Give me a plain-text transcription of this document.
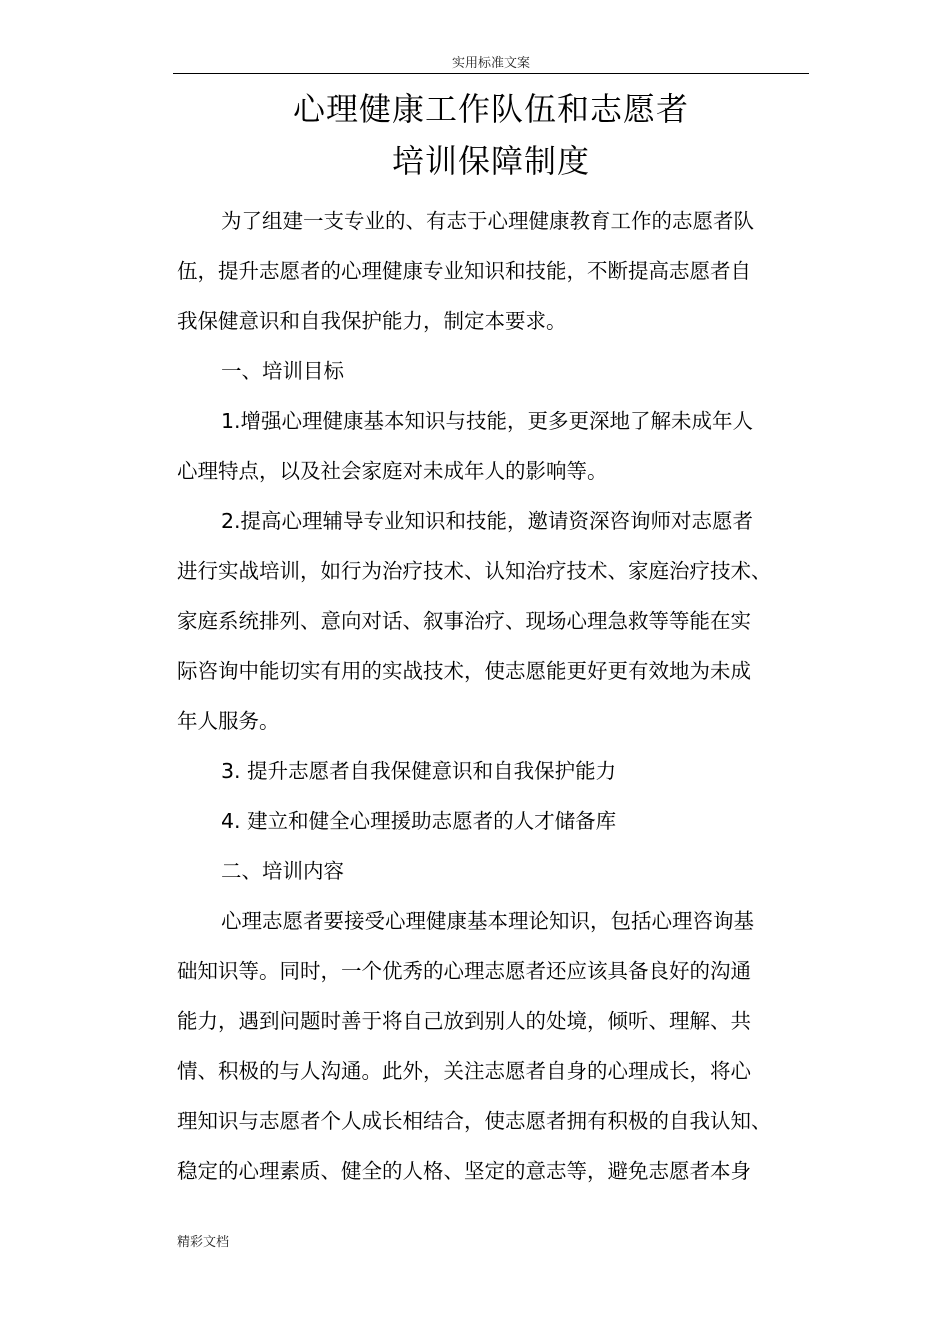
实用标准文案
心理健康工作队伍和志愿者
培训保障制度

为了组建一支专业的、有志于心理健康教育工作的志愿者队

伍，提升志愿者的心理健康专业知识和技能，不断提高志愿者自

我保健意识和自我保护能力，制定本要求。

一、培训目标

1.增强心理健康基本知识与技能，更多更深地了解未成年人

心理特点，以及社会家庭对未成年人的影响等。

2.提高心理辅导专业知识和技能，邀请资深咨询师对志愿者

进行实战培训，如行为治疗技术、认知治疗技术、家庭治疗技术、

家庭系统排列、意向对话、叙事治疗、现场心理急救等等能在实

际咨询中能切实有用的实战技术，使志愿能更好更有效地为未成

年人服务。

3. 提升志愿者自我保健意识和自我保护能力

4. 建立和健全心理援助志愿者的人才储备库

二、培训内容

心理志愿者要接受心理健康基本理论知识，包括心理咨询基

础知识等。同时，一个优秀的心理志愿者还应该具备良好的沟通

能力，遇到问题时善于将自己放到别人的处境，倾听、理解、共

情、积极的与人沟通。此外，关注志愿者自身的心理成长，将心

理知识与志愿者个人成长相结合，使志愿者拥有积极的自我认知、

稳定的心理素质、健全的人格、坚定的意志等，避免志愿者本身

精彩文档
